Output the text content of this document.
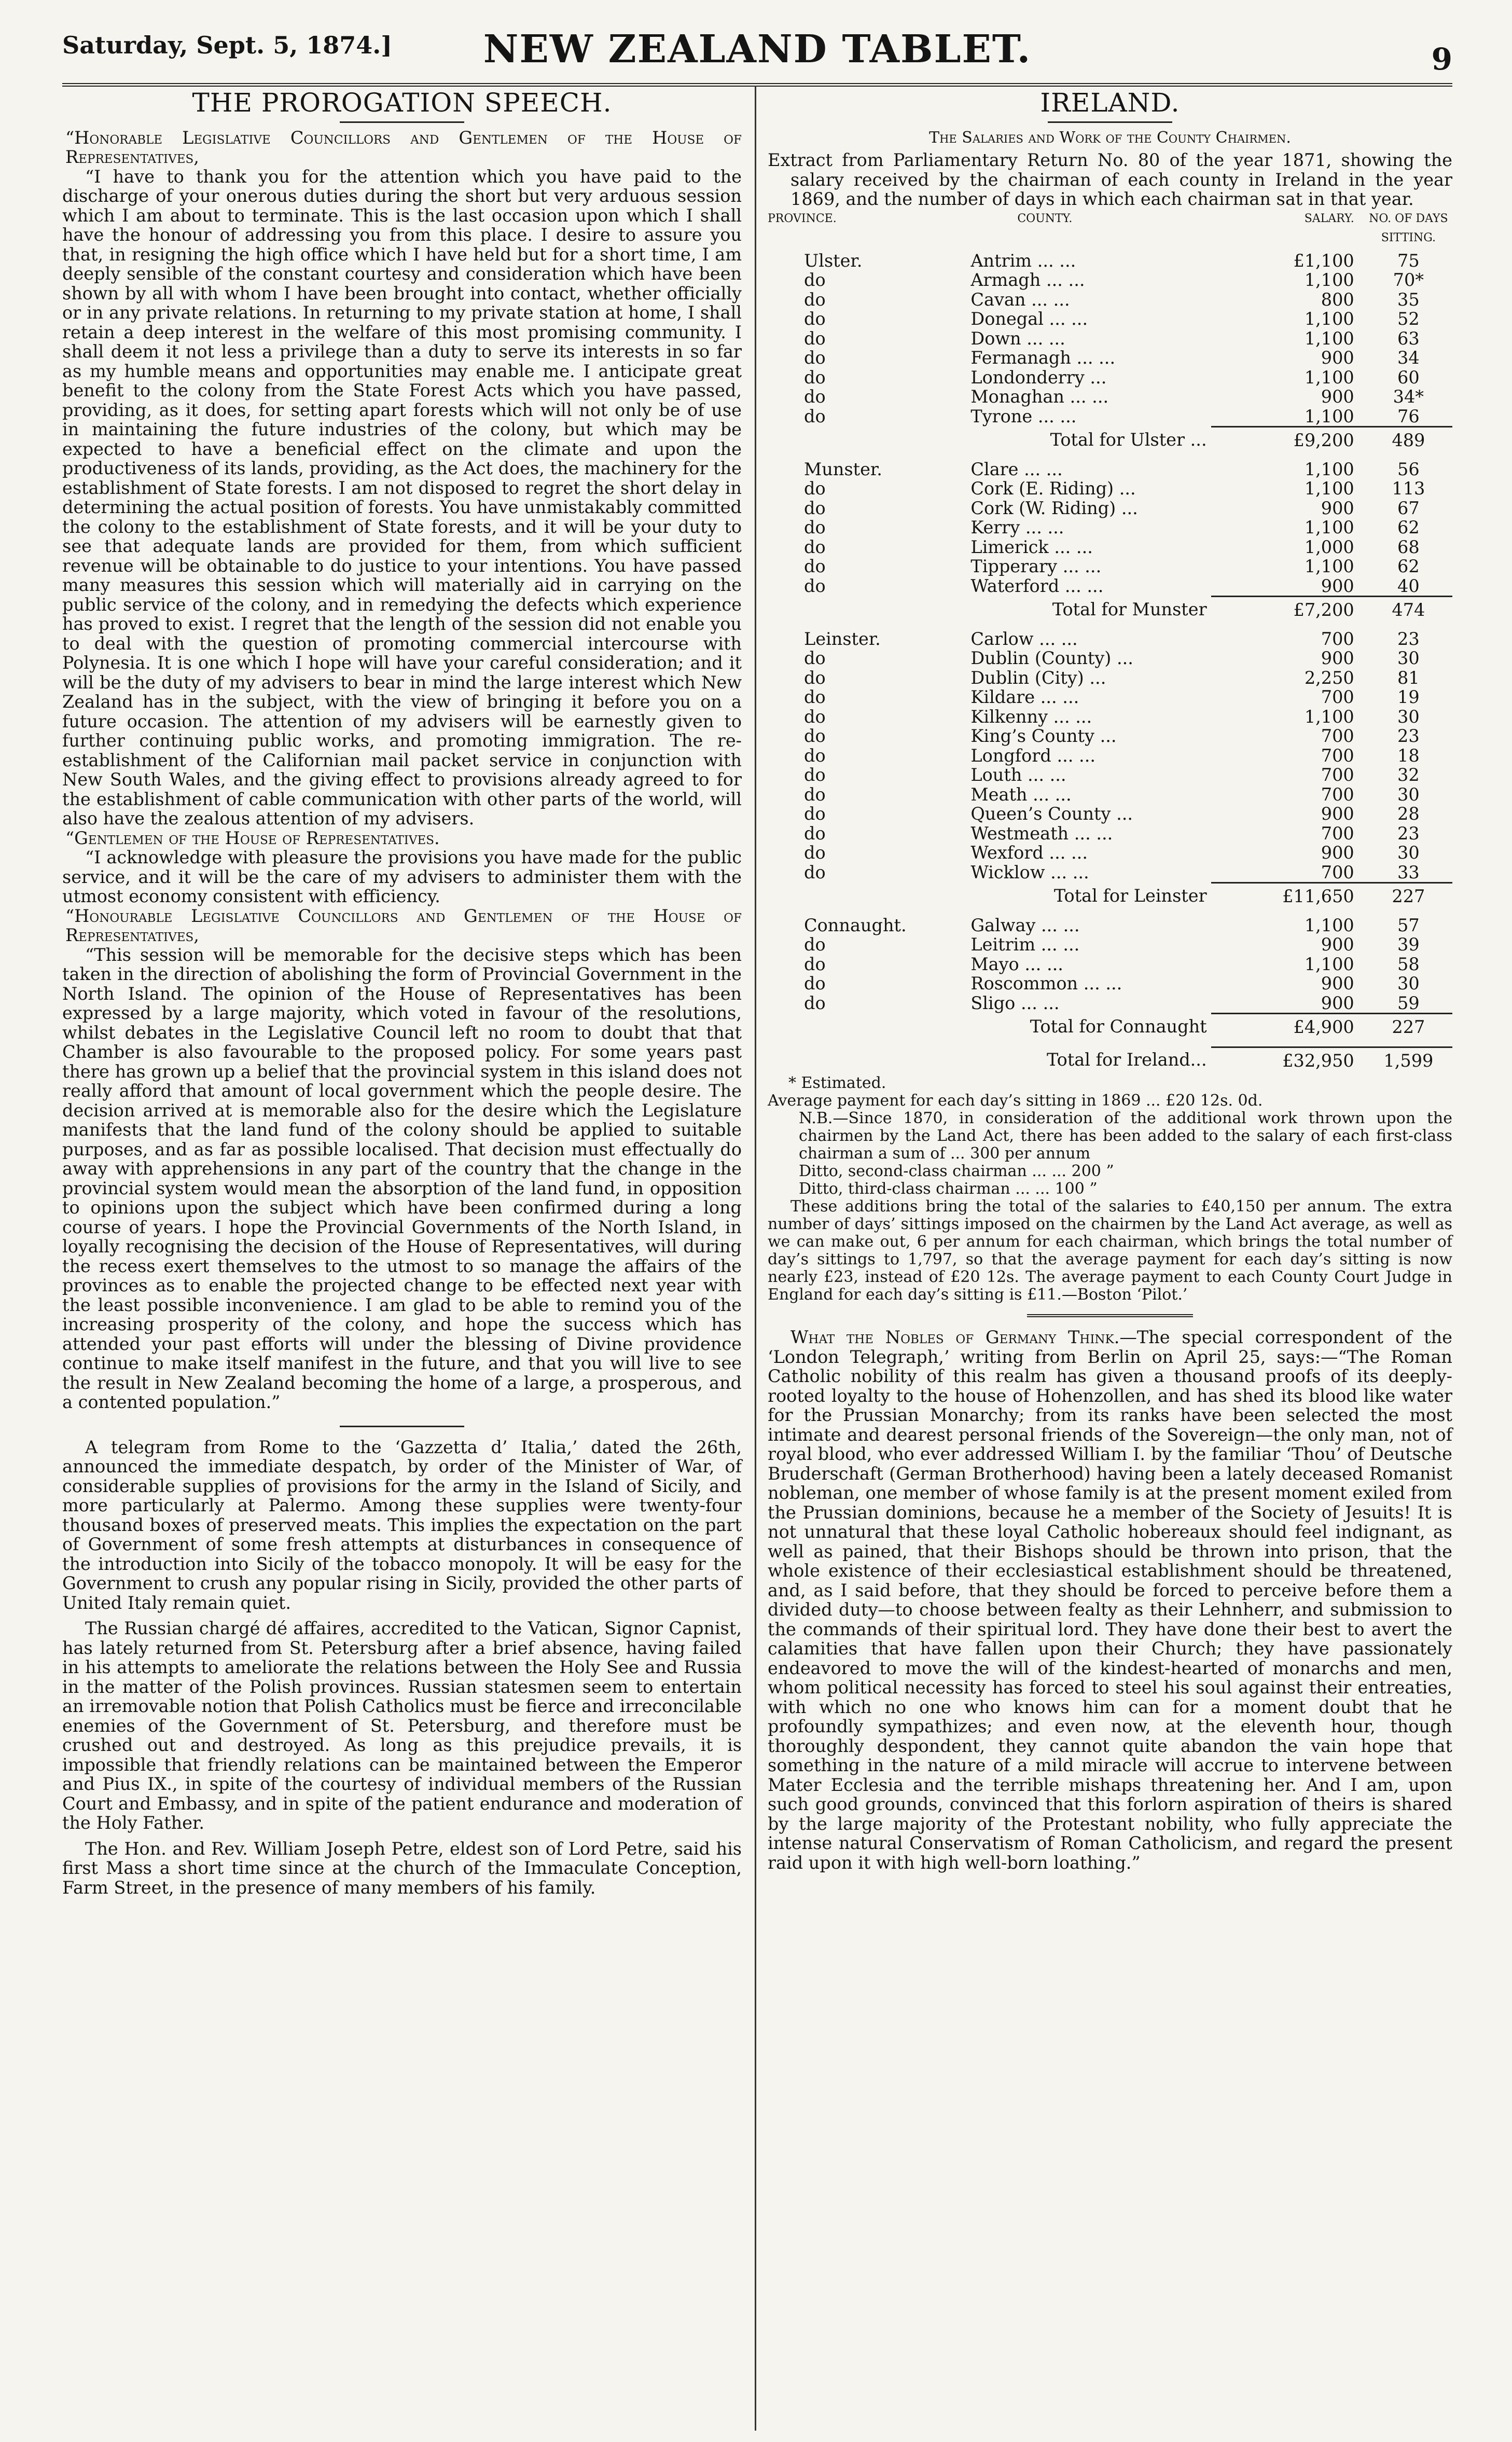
Saturday, Sept. 5, 1874.]	NEW ZEALAND TABLET.	9
THE PROROGATION SPEECH.

“Honorable Legislative Councillors and Gentlemen of the House of Representatives,

“I have to thank you for the attention which you have paid to the discharge of your onerous duties during the short but very arduous session which I am about to terminate. This is the last occasion upon which I shall have the honour of addressing you from this place. I desire to assure you that, in resigning the high office which I have held but for a short time, I am deeply sensible of the constant courtesy and consideration which have been shown by all with whom I have been brought into contact, whether officially or in any private relations. In returning to my private station at home, I shall retain a deep interest in the welfare of this most promising community. I shall deem it not less a privilege than a duty to serve its interests in so far as my humble means and opportunities may enable me. I anticipate great benefit to the colony from the State Forest Acts which you have passed, providing, as it does, for setting apart forests which will not only be of use in maintaining the future industries of the colony, but which may be expected to have a beneficial effect on the climate and upon the productiveness of its lands, providing, as the Act does, the machinery for the establishment of State forests. I am not disposed to regret the short delay in determining the actual position of forests. You have unmistakably committed the colony to the establishment of State forests, and it will be your duty to see that adequate lands are provided for them, from which sufficient revenue will be obtainable to do justice to your intentions. You have passed many measures this session which will materially aid in carrying on the public service of the colony, and in remedying the defects which experience has proved to exist. I regret that the length of the session did not enable you to deal with the question of promoting commercial intercourse with Polynesia. It is one which I hope will have your careful consideration; and it will be the duty of my advisers to bear in mind the large interest which New Zealand has in the subject, with the view of bringing it before you on a future occasion. The attention of my advisers will be earnestly given to further continuing public works, and promoting immigration. The re-establishment of the Californian mail packet service in conjunction with New South Wales, and the giving effect to provisions already agreed to for the establishment of cable communication with other parts of the world, will also have the zealous attention of my advisers.

“Gentlemen of the House of Representatives.

“I acknowledge with pleasure the provisions you have made for the public service, and it will be the care of my advisers to administer them with the utmost economy consistent with efficiency.

“Honourable Legislative Councillors and Gentlemen of the House of Representatives,

“This session will be memorable for the decisive steps which has been taken in the direction of abolishing the form of Provincial Government in the North Island. The opinion of the House of Representatives has been expressed by a large majority, which voted in favour of the resolutions, whilst debates in the Legislative Council left no room to doubt that that Chamber is also favourable to the proposed policy. For some years past there has grown up a belief that the provincial system in this island does not really afford that amount of local government which the people desire. The decision arrived at is memorable also for the desire which the Legislature manifests that the land fund of the colony should be applied to suitable purposes, and as far as possible localised. That decision must effectually do away with apprehensions in any part of the country that the change in the provincial system would mean the absorption of the land fund, in opposition to opinions upon the subject which have been confirmed during a long course of years. I hope the Provincial Governments of the North Island, in loyally recognising the decision of the House of Representatives, will during the recess exert themselves to the utmost to so manage the affairs of the provinces as to enable the projected change to be effected next year with the least possible inconvenience. I am glad to be able to remind you of the increasing prosperity of the colony, and hope the success which has attended your past efforts will under the blessing of Divine providence continue to make itself manifest in the future, and that you will live to see the result in New Zealand becoming the home of a large, a prosperous, and a contented population.”

A telegram from Rome to the ‘Gazzetta d’ Italia,’ dated the 26th, announced the immediate despatch, by order of the Minister of War, of considerable supplies of provisions for the army in the Island of Sicily, and more particularly at Palermo. Among these supplies were twenty-four thousand boxes of preserved meats. This implies the expectation on the part of Government of some fresh attempts at disturbances in consequence of the introduction into Sicily of the tobacco monopoly. It will be easy for the Government to crush any popular rising in Sicily, provided the other parts of United Italy remain quiet.

The Russian chargé dé affaires, accredited to the Vatican, Signor Capnist, has lately returned from St. Petersburg after a brief absence, having failed in his attempts to ameliorate the relations between the Holy See and Russia in the matter of the Polish provinces. Russian statesmen seem to entertain an irremovable notion that Polish Catholics must be fierce and irreconcilable enemies of the Government of St. Petersburg, and therefore must be crushed out and destroyed. As long as this prejudice prevails, it is impossible that friendly relations can be maintained between the Emperor and Pius IX., in spite of the courtesy of individual members of the Russian Court and Embassy, and in spite of the patient endurance and moderation of the Holy Father.

The Hon. and Rev. William Joseph Petre, eldest son of Lord Petre, said his first Mass a short time since at the church of the Immaculate Conception, Farm Street, in the presence of many members of his family.

IRELAND.
The Salaries and Work of the County Chairmen.

Extract from Parliamentary Return No. 80 of the year 1871, showing the salary received by the chairman of each county in Ireland in the year 1869, and the number of days in which each chairman sat in that year.

PROVINCE.	COUNTY.	SALARY.	NO. OF DAYS SITTING.
Ulster.	Antrim ... ...	£1,100	75
do	Armagh ... ...	1,100	70*
do	Cavan ... ...	800	35
do	Donegal ... ...	1,100	52
do	Down ... ...	1,100	63
do	Fermanagh ... ...	900	34
do	Londonderry ...	1,100	60
do	Monaghan ... ...	900	34*
do	Tyrone ... ...	1,100	76
	Total for Ulster ...	£9,200	489
Munster.	Clare ... ...	1,100	56
do	Cork (E. Riding) ...	1,100	113
do	Cork (W. Riding) ...	900	67
do	Kerry ... ...	1,100	62
do	Limerick ... ...	1,000	68
do	Tipperary ... ...	1,100	62
do	Waterford ... ...	900	40
	Total for Munster	£7,200	474
Leinster.	Carlow ... ...	700	23
do	Dublin (County) ...	900	30
do	Dublin (City) ...	2,250	81
do	Kildare ... ...	700	19
do	Kilkenny ... ...	1,100	30
do	King’s County ...	700	23
do	Longford ... ...	700	18
do	Louth ... ...	700	32
do	Meath ... ...	700	30
do	Queen’s County ...	900	28
do	Westmeath ... ...	700	23
do	Wexford ... ...	900	30
do	Wicklow ... ...	700	33
	Total for Leinster	£11,650	227
Connaught.	Galway ... ...	1,100	57
do	Leitrim ... ...	900	39
do	Mayo ... ...	1,100	58
do	Roscommon ... ...	900	30
do	Sligo ... ...	900	59
	Total for Connaught	£4,900	227
	Total for Ireland...	£32,950	1,599
* Estimated.
Average payment for each day’s sitting in 1869 ... £20 12s. 0d.
N.B.—Since 1870, in consideration of the additional work thrown upon the chairmen by the Land Act, there has been added to the salary of each first-class chairman a sum of ... 300 per annum
Ditto, second-class chairman ... ... 200 ”
Ditto, third-class chairman ... ... 100 ”

These additions bring the total of the salaries to £40,150 per annum. The extra number of days’ sittings imposed on the chairmen by the Land Act average, as well as we can make out, 6 per annum for each chairman, which brings the total number of day’s sittings to 1,797, so that the average payment for each day’s sitting is now nearly £23, instead of £20 12s. The average payment to each County Court Judge in England for each day’s sitting is £11.—Boston ‘Pilot.’

What the Nobles of Germany Think.—The special correspondent of the ‘London Telegraph,’ writing from Berlin on April 25, says:—“The Roman Catholic nobility of this realm has given a thousand proofs of its deeply-rooted loyalty to the house of Hohenzollen, and has shed its blood like water for the Prussian Monarchy; from its ranks have been selected the most intimate and dearest personal friends of the Sovereign—the only man, not of royal blood, who ever addressed William I. by the familiar ‘Thou’ of Deutsche Bruderschaft (German Brotherhood) having been a lately deceased Romanist nobleman, one member of whose family is at the present moment exiled from the Prussian dominions, because he a member of the Society of Jesuits! It is not unnatural that these loyal Catholic hobereaux should feel indignant, as well as pained, that their Bishops should be thrown into prison, that the whole existence of their ecclesiastical establishment should be threatened, and, as I said before, that they should be forced to perceive before them a divided duty—to choose between fealty as their Lehnherr, and submission to the commands of their spiritual lord. They have done their best to avert the calamities that have fallen upon their Church; they have passionately endeavored to move the will of the kindest-hearted of monarchs and men, whom political necessity has forced to steel his soul against their entreaties, with which no one who knows him can for a moment doubt that he profoundly sympathizes; and even now, at the eleventh hour, though thoroughly despondent, they cannot quite abandon the vain hope that something in the nature of a mild miracle will accrue to intervene between Mater Ecclesia and the terrible mishaps threatening her. And I am, upon such good grounds, convinced that this forlorn aspiration of theirs is shared by the large majority of the Protestant nobility, who fully appreciate the intense natural Conservatism of Roman Catholicism, and regard the present raid upon it with high well-born loathing.”
